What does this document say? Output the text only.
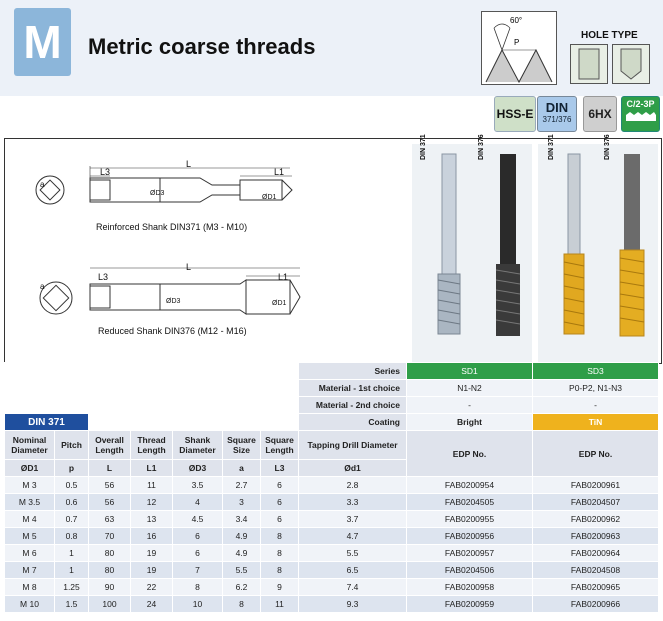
M	Metric coarse threads
60°
P
HOLE TYPE
HSS-E DIN
371/376	6HX
C/2-3P
L
L3	L1
ØD3
ØD1
a
Reinforced Shank DIN371 (M3 - M10)
L
L3	L1
ØD3	ØD1
a
Reduced Shank DIN376 (M12 - M16)
DIN 371	DIN 376	DIN 371	DIN 376
							Series	SD1	SD3
							Material - 1st choice	N1-N2	P0-P2, N1-N3
							Material - 2nd choice	-	-
DIN 371							Coating	Bright	TiN
Nominal Diameter	Pitch	Overall Length	Thread Length	Shank Diameter	Square Size	Square Length	Tapping Drill Diameter	EDP No.	EDP No.
ØD1	p	L	L1	ØD3	a	L3	Ød1		
M 3	0.5	56	11	3.5	2.7	6	2.8	FAB0200954	FAB0200961
M 3.5	0.6	56	12	4	3	6	3.3	FAB0204505	FAB0204507
M 4	0.7	63	13	4.5	3.4	6	3.7	FAB0200955	FAB0200962
M 5	0.8	70	16	6	4.9	8	4.7	FAB0200956	FAB0200963
M 6	1	80	19	6	4.9	8	5.5	FAB0200957	FAB0200964
M 7	1	80	19	7	5.5	8	6.5	FAB0204506	FAB0204508
M 8	1.25	90	22	8	6.2	9	7.4	FAB0200958	FAB0200965
M 10	1.5	100	24	10	8	11	9.3	FAB0200959	FAB0200966
